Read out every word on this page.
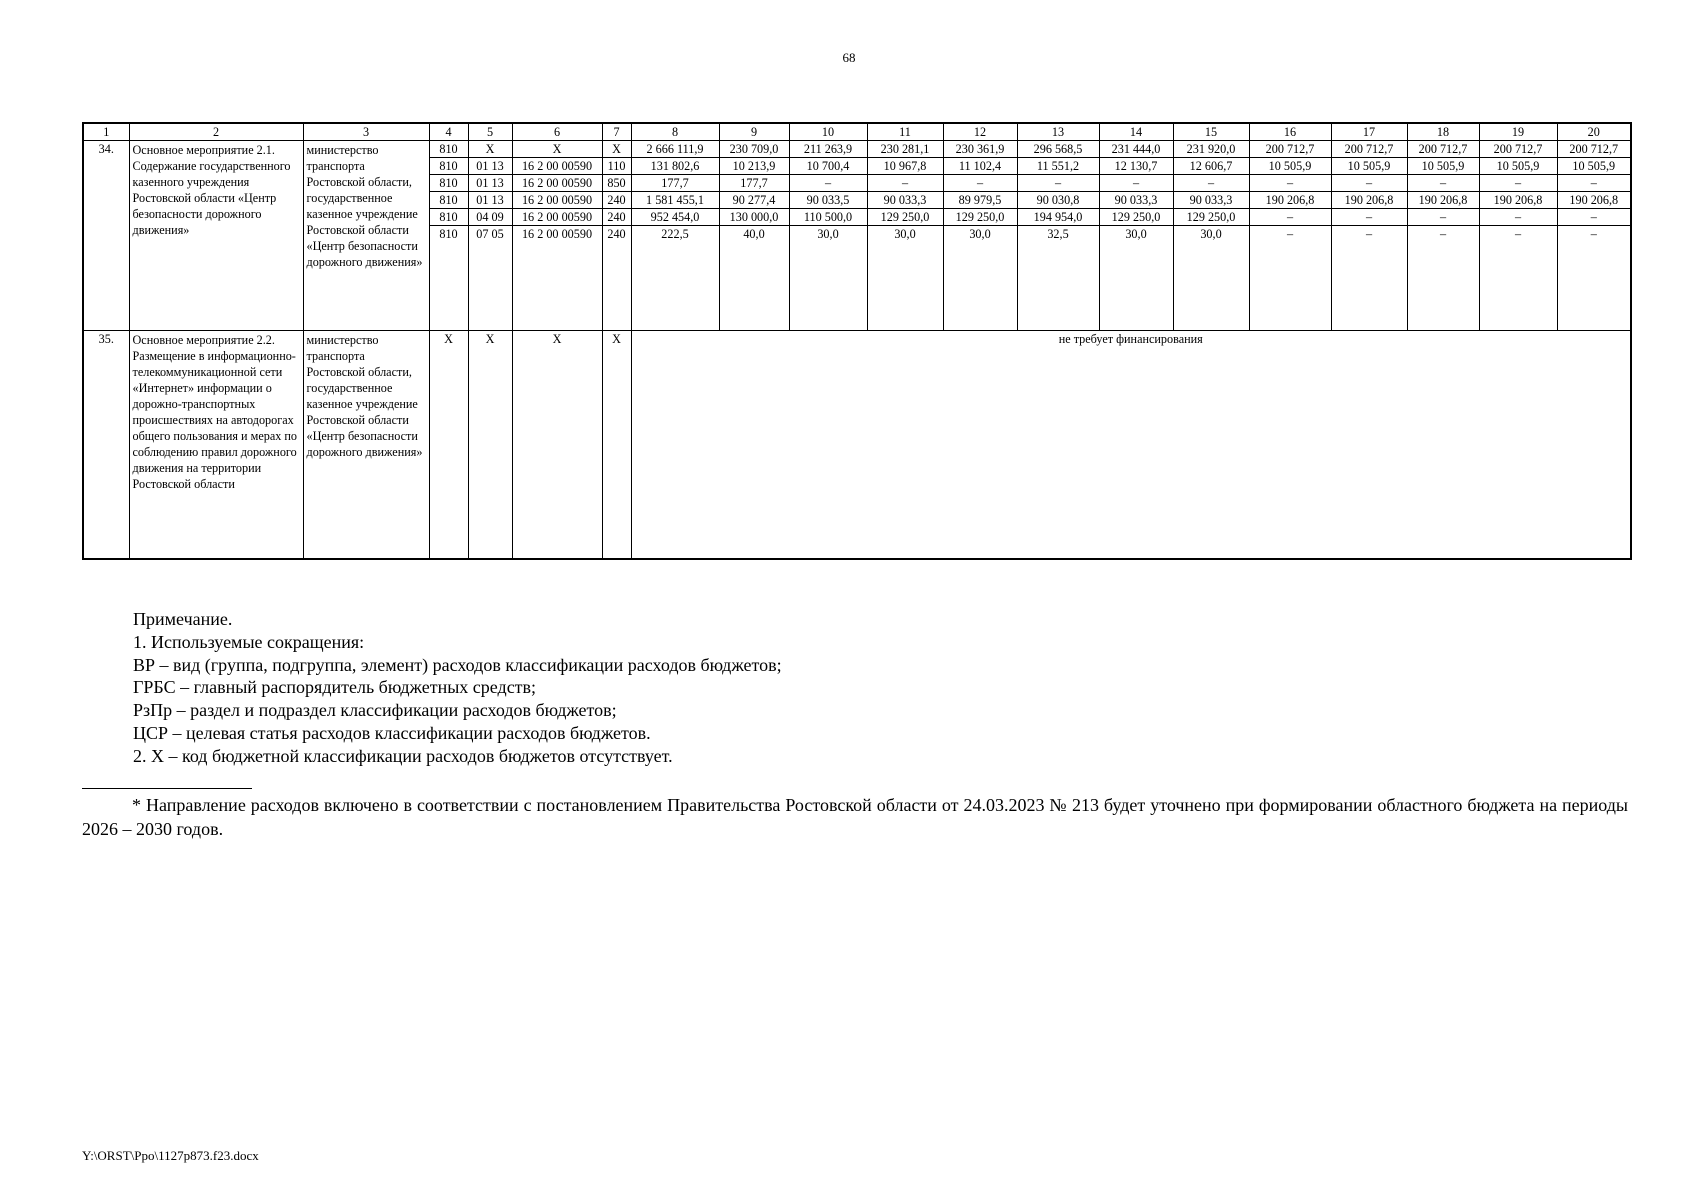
68
1	2	3	4	5	6	7	8	9	10	11	12	13	14	15	16	17	18	19	20
34.	Основное мероприятие 2.1. Содержание государственного казенного учреждения Ростовской области «Центр безопасности дорожного движения»	министерство транспорта Ростовской области, государственное казенное учреждение Ростовской области «Центр безопасности дорожного движения»	810	X	X	X	2 666 111,9	230 709,0	211 263,9	230 281,1	230 361,9	296 568,5	231 444,0	231 920,0	200 712,7	200 712,7	200 712,7	200 712,7	200 712,7
			810	01 13	16 2 00 00590	110	131 802,6	10 213,9	10 700,4	10 967,8	11 102,4	11 551,2	12 130,7	12 606,7	10 505,9	10 505,9	10 505,9	10 505,9	10 505,9
			810	01 13	16 2 00 00590	850	177,7	177,7	–	–	–	–	–	–	–	–	–	–	–
			810	01 13	16 2 00 00590	240	1 581 455,1	90 277,4	90 033,5	90 033,3	89 979,5	90 030,8	90 033,3	90 033,3	190 206,8	190 206,8	190 206,8	190 206,8	190 206,8
			810	04 09	16 2 00 00590	240	952 454,0	130 000,0	110 500,0	129 250,0	129 250,0	194 954,0	129 250,0	129 250,0	–	–	–	–	–
			810	07 05	16 2 00 00590	240	222,5	40,0	30,0	30,0	30,0	32,5	30,0	30,0	–	–	–	–	–
35.	Основное мероприятие 2.2. Размещение в информационно-телекоммуникационной сети «Интернет» информации о дорожно-транспортных происшествиях на автодорогах общего пользования и мерах по соблюдению правил дорожного движения на территории Ростовской области	министерство транспорта Ростовской области, государственное казенное учреждение Ростовской области «Центр безопасности дорожного движения»	X	X	X	X	не требует финансирования												
Примечание.
1. Используемые сокращения:
ВР – вид (группа, подгруппа, элемент) расходов классификации расходов бюджетов;
ГРБС – главный распорядитель бюджетных средств;
РзПр – раздел и подраздел классификации расходов бюджетов;
ЦСР – целевая статья расходов классификации расходов бюджетов.
2. Х – код бюджетной классификации расходов бюджетов отсутствует.
* Направление расходов включено в соответствии с постановлением Правительства Ростовской области от 24.03.2023 № 213 будет уточнено при формировании областного бюджета на периоды 2026 – 2030 годов.
Y:\ORST\Ppo\1127p873.f23.docx
